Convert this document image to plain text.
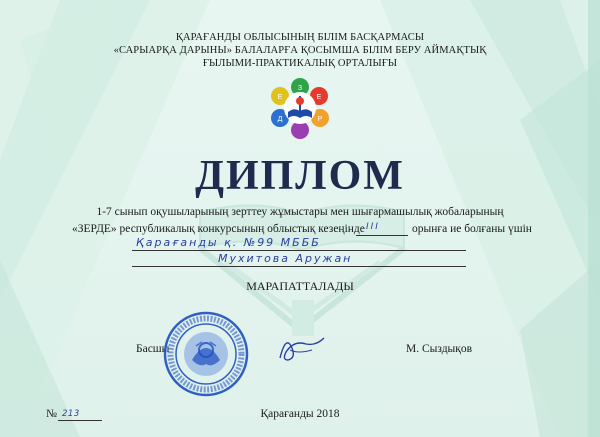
ҚАРАҒАНДЫ ОБЛЫСЫНЫҢ БІЛІМ БАСҚАРМАСЫ
«САРЫАРҚА ДАРЫНЫ» БАЛАЛАРҒА ҚОСЫМША БІЛІМ БЕРУ АЙМАҚТЫҚ
ҒЫЛЫМИ-ПРАКТИКАЛЫҚ ОРТАЛЫҒЫ
З
Е
Р
Д
Е
ДИПЛОМ
1-7 сынып оқушыларының зерттеу жұмыстары мен шығармашылық жобаларының
«ЗЕРДЕ» республикалық конкурсының облыстық кезеңінде III	орынға ие болғаны үшін
Қарағанды қ. №99 МБББ
Мухитова Аружан
МАРАПАТТАЛАДЫ
Басшы	М. Сыздықов
№ 213	Қарағанды 2018
